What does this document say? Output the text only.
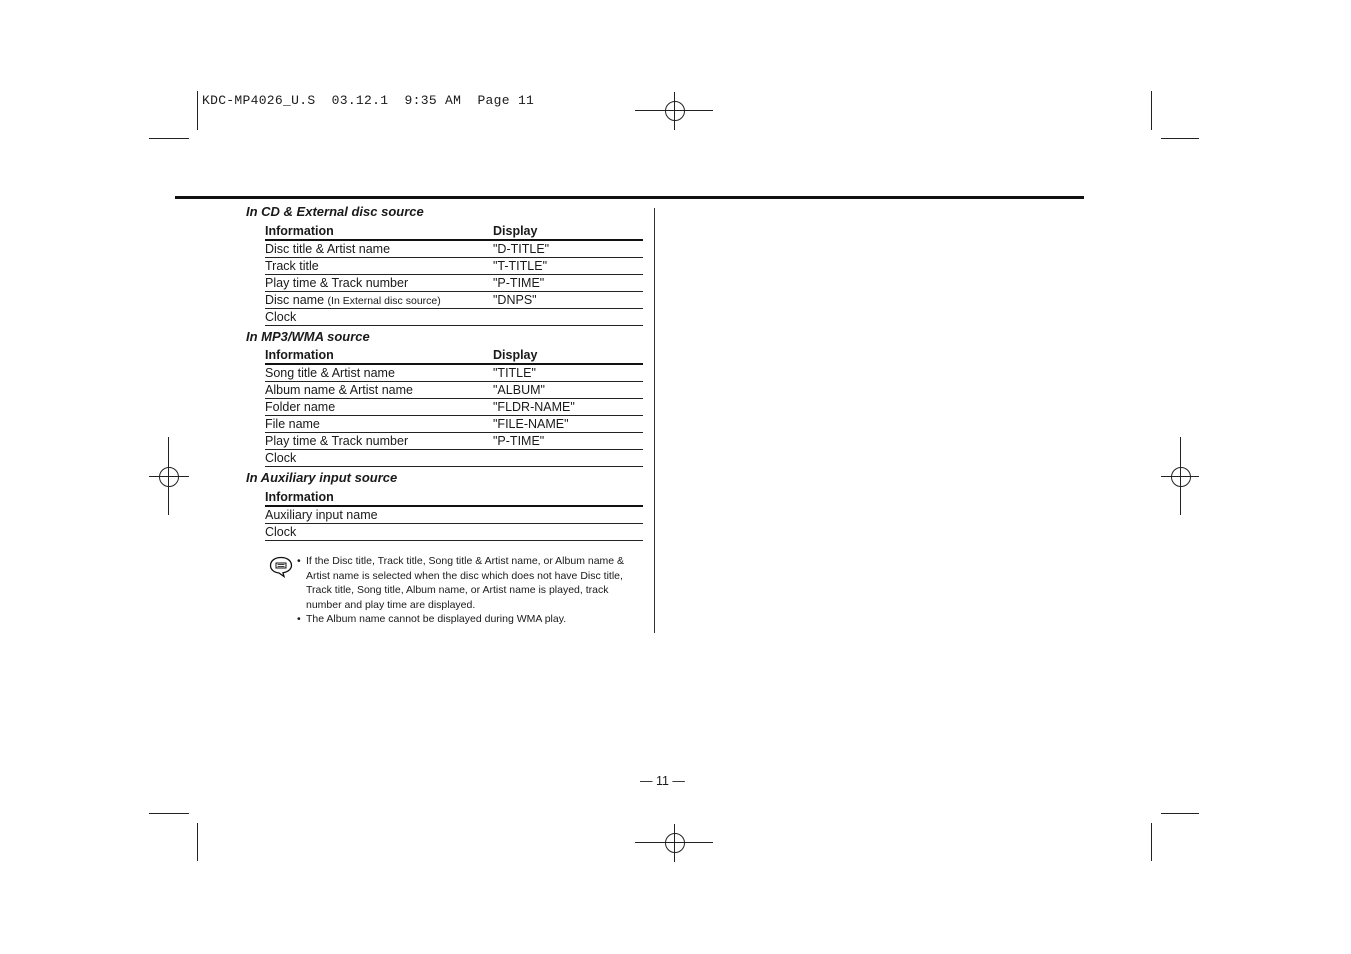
KDC-MP4026_U.S  03.12.1  9:35 AM  Page 11
In CD & External disc source
Information	Display
Disc title & Artist name	"D-TITLE"
Track title	"T-TITLE"
Play time & Track number	"P-TIME"
Disc name (In External disc source)	"DNPS"
Clock
In MP3/WMA source
Information	Display
Song title & Artist name	"TITLE"
Album name & Artist name	"ALBUM"
Folder name	"FLDR-NAME"
File name	"FILE-NAME"
Play time & Track number	"P-TIME"
Clock
In Auxiliary input source
Information
Auxiliary input name
Clock
• If the Disc title, Track title, Song title & Artist name, or Album name & Artist name is selected when the disc which does not have Disc title, Track title, Song title, Album name, or Artist name is played, track number and play time are displayed.
• The Album name cannot be displayed during WMA play.
— 11 —
